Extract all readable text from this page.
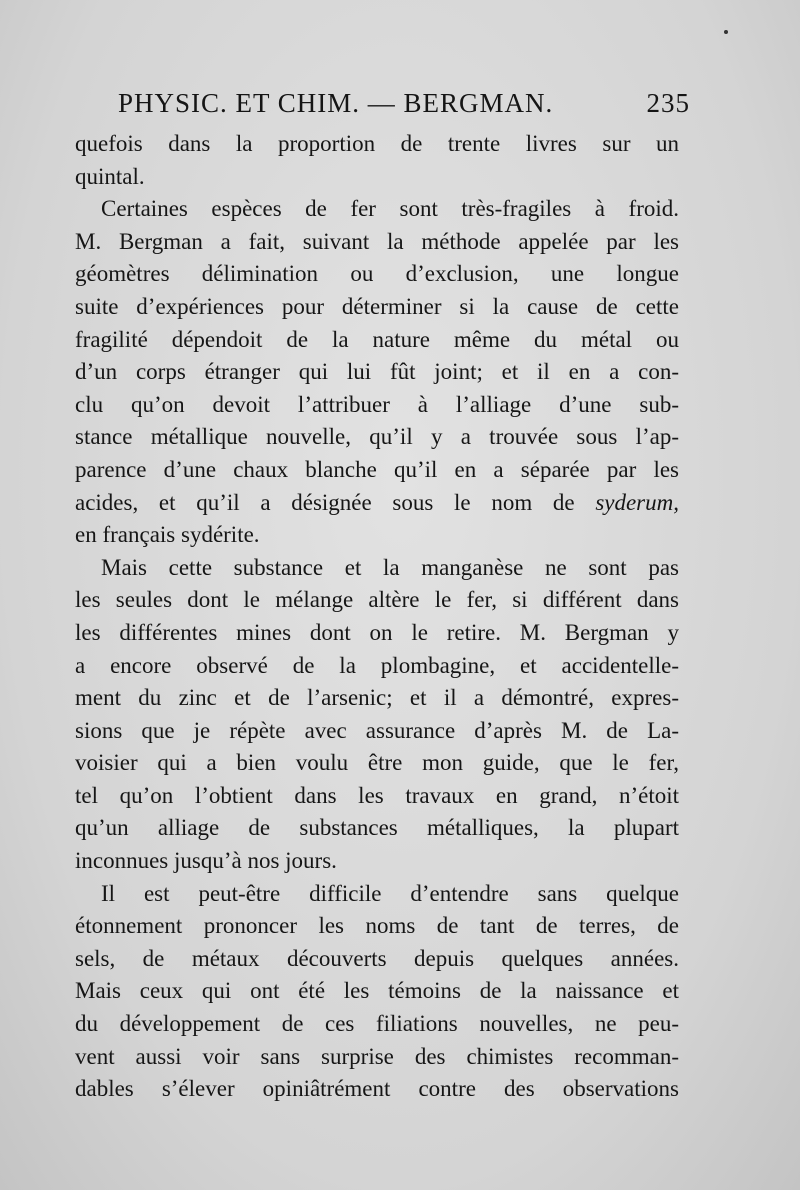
PHYSIC. ET CHIM. — BERGMAN.	235
quefois dans la proportion de trente livres sur un
quintal.
Certaines espèces de fer sont très-fragiles à froid.
M. Bergman a fait, suivant la méthode appelée par les
géomètres délimination ou d’exclusion, une longue
suite d’expériences pour déterminer si la cause de cette
fragilité dépendoit de la nature même du métal ou
d’un corps étranger qui lui fût joint; et il en a con-
clu qu’on devoit l’attribuer à l’alliage d’une sub-
stance métallique nouvelle, qu’il y a trouvée sous l’ap-
parence d’une chaux blanche qu’il en a séparée par les
acides, et qu’il a désignée sous le nom de syderum,
en français sydérite.
Mais cette substance et la manganèse ne sont pas
les seules dont le mélange altère le fer, si différent dans
les différentes mines dont on le retire. M. Bergman y
a encore observé de la plombagine, et accidentelle-
ment du zinc et de l’arsenic; et il a démontré, expres-
sions que je répète avec assurance d’après M. de La-
voisier qui a bien voulu être mon guide, que le fer,
tel qu’on l’obtient dans les travaux en grand, n’étoit
qu’un alliage de substances métalliques, la plupart
inconnues jusqu’à nos jours.
Il est peut-être difficile d’entendre sans quelque
étonnement prononcer les noms de tant de terres, de
sels, de métaux découverts depuis quelques années.
Mais ceux qui ont été les témoins de la naissance et
du développement de ces filiations nouvelles, ne peu-
vent aussi voir sans surprise des chimistes recomman-
dables s’élever opiniâtrément contre des observations
